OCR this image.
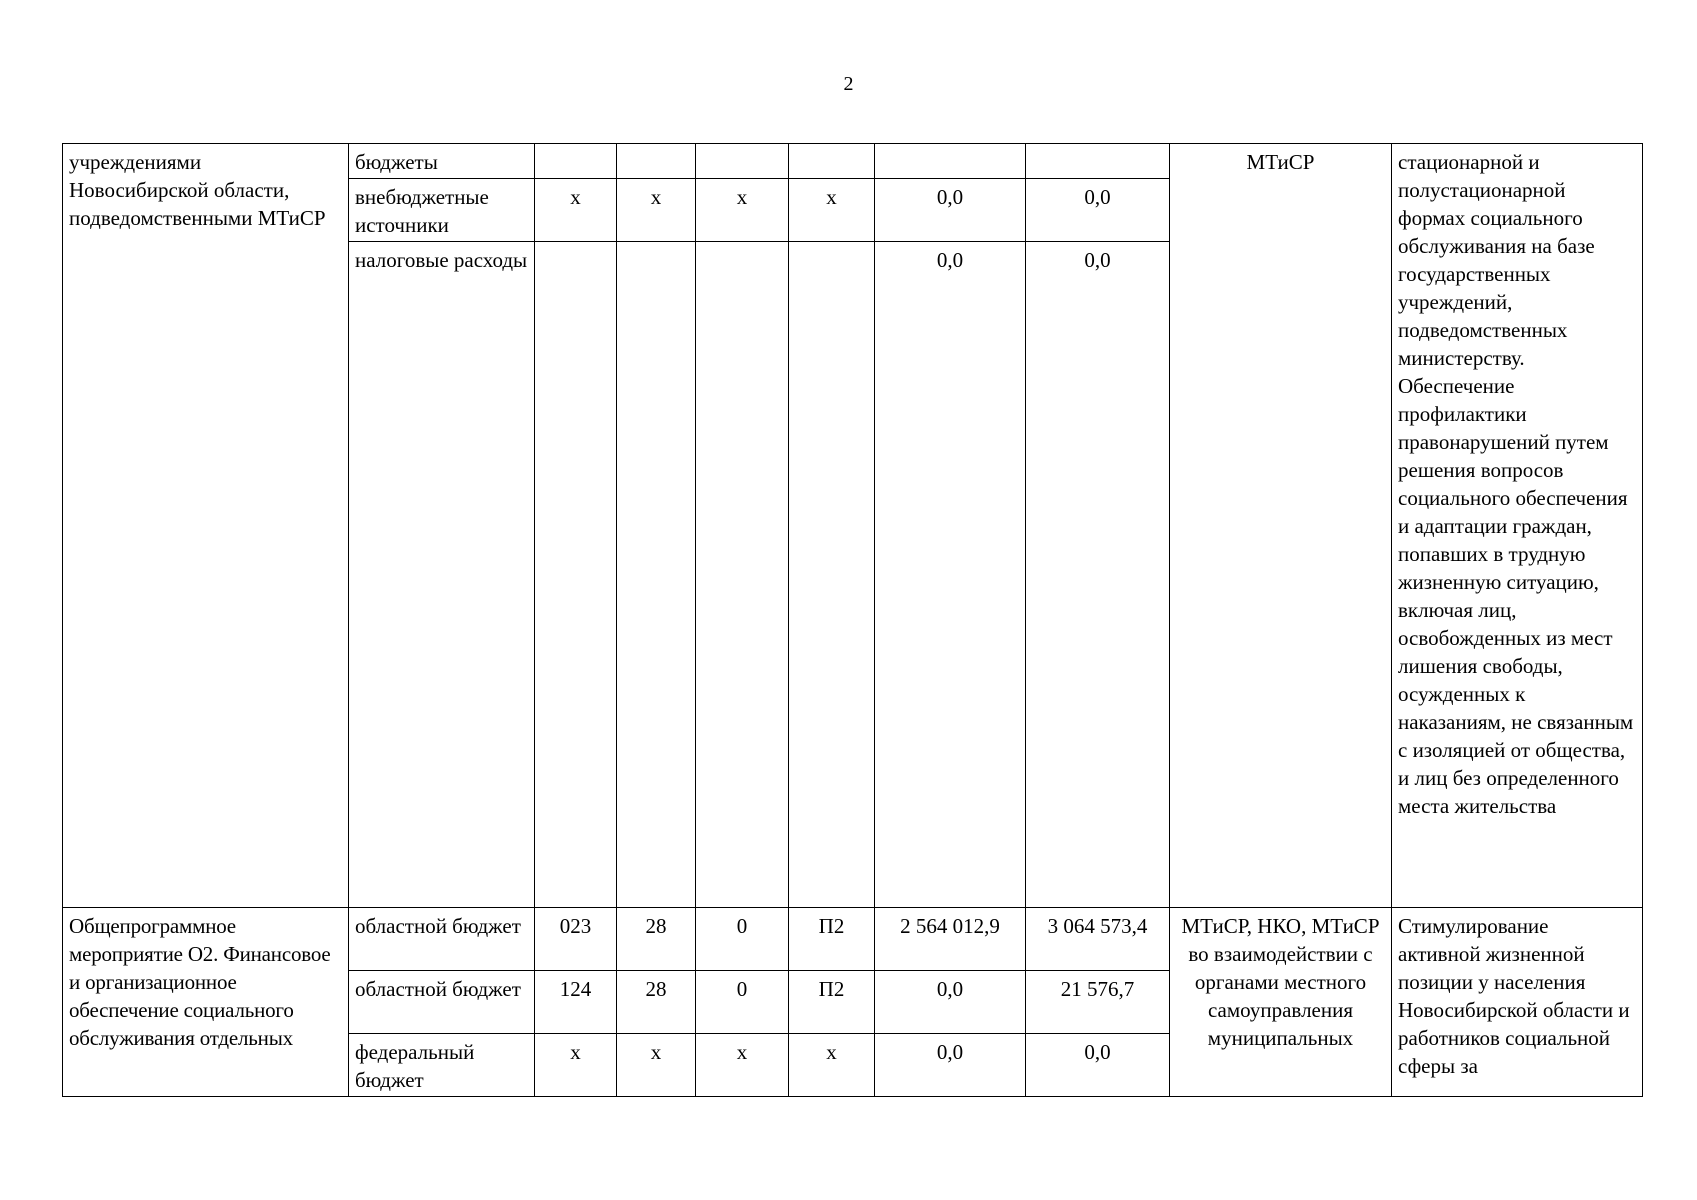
2
учреждениями Новосибирской области, подведомственными МТиСР	бюджеты							МТиСР	стационарной и полустационарной формах социального обслуживания на базе государственных учреждений, подведомственных министерству. Обеспечение профилактики правонарушений путем решения вопросов социального обеспечения и адаптации граждан, попавших в трудную жизненную ситуацию, включая лиц, освобожденных из мест лишения свободы, осужденных к наказаниям, не связанным с изоляцией от общества, и лиц без определенного места жительства
	внебюджетные источники	х	х	х	х	0,0	0,0		
	налоговые расходы					0,0	0,0		
Общепрограммное мероприятие О2. Финансовое и организационное обеспечение социального обслуживания отдельных	областной бюджет	023	28	0	П2	2 564 012,9	3 064 573,4	МТиСР, НКО, МТиСР во взаимодействии с органами местного самоуправления муниципальных	Стимулирование активной жизненной позиции у населения Новосибирской области и работников социальной сферы за
	областной бюджет	124	28	0	П2	0,0	21 576,7		
	федеральный бюджет	х	х	х	х	0,0	0,0		
